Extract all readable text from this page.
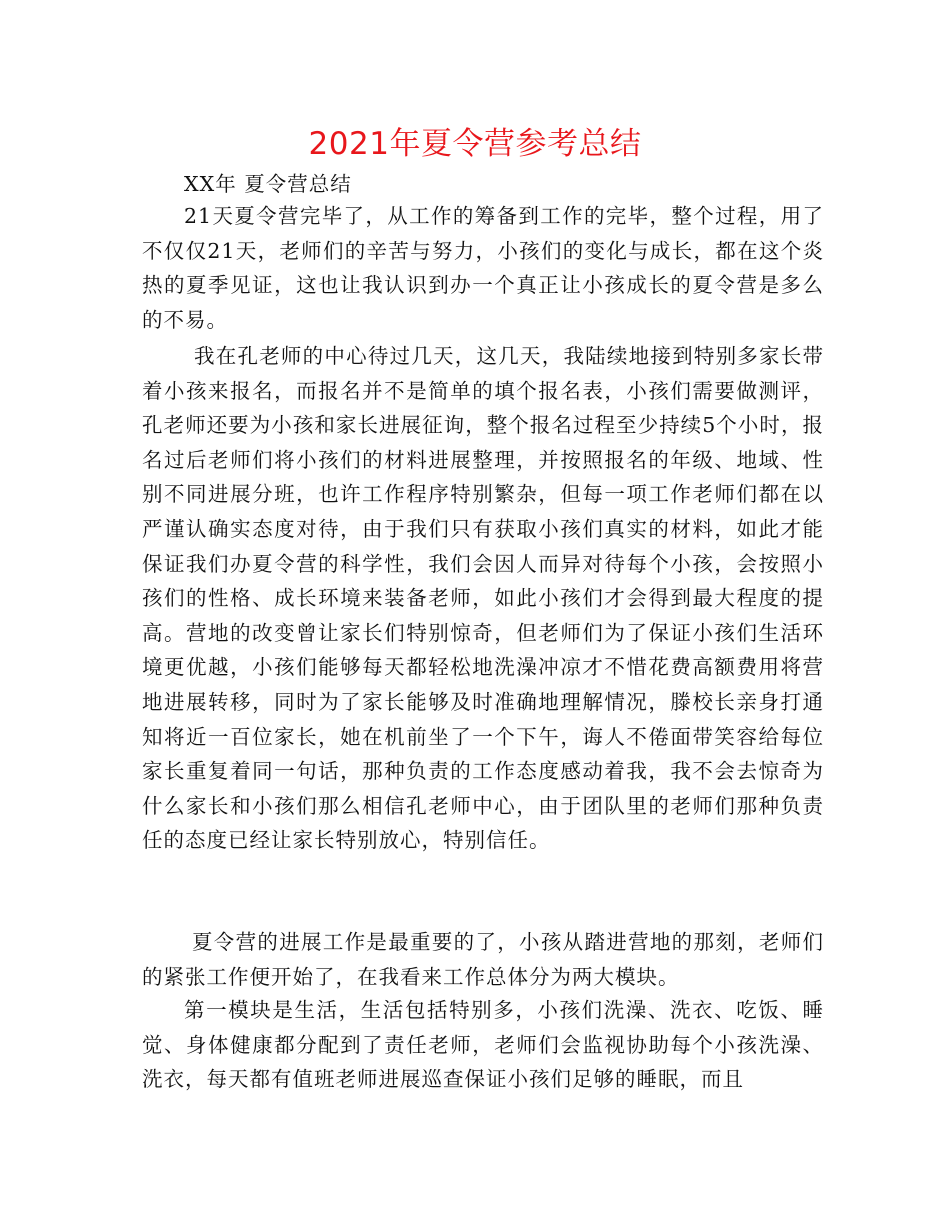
2021年夏令营参考总结
XX年 夏令营总结

21天夏令营完毕了，从工作的筹备到工作的完毕，整个过程，用了不仅仅21天，老师们的辛苦与努力，小孩们的变化与成长，都在这个炎热的夏季见证，这也让我认识到办一个真正让小孩成长的夏令营是多么的不易。

我在孔老师的中心待过几天，这几天，我陆续地接到特别多家长带着小孩来报名，而报名并不是简单的填个报名表，小孩们需要做测评，孔老师还要为小孩和家长进展征询，整个报名过程至少持续5个小时，报名过后老师们将小孩们的材料进展整理，并按照报名的年级、地域、性别不同进展分班，也许工作程序特别繁杂，但每一项工作老师们都在以严谨认确实态度对待，由于我们只有获取小孩们真实的材料，如此才能保证我们办夏令营的科学性，我们会因人而异对待每个小孩，会按照小孩们的性格、成长环境来装备老师，如此小孩们才会得到最大程度的提高。营地的改变曾让家长们特别惊奇，但老师们为了保证小孩们生活环境更优越，小孩们能够每天都轻松地洗澡冲凉才不惜花费高额费用将营地进展转移，同时为了家长能够及时准确地理解情况，滕校长亲身打通知将近一百位家长，她在机前坐了一个下午，诲人不倦面带笑容给每位家长重复着同一句话，那种负责的工作态度感动着我，我不会去惊奇为什么家长和小孩们那么相信孔老师中心，由于团队里的老师们那种负责任的态度已经让家长特别放心，特别信任。

夏令营的进展工作是最重要的了，小孩从踏进营地的那刻，老师们的紧张工作便开始了，在我看来工作总体分为两大模块。

第一模块是生活，生活包括特别多，小孩们洗澡、洗衣、吃饭、睡觉、身体健康都分配到了责任老师，老师们会监视协助每个小孩洗澡、洗衣，每天都有值班老师进展巡查保证小孩们足够的睡眠，而且
